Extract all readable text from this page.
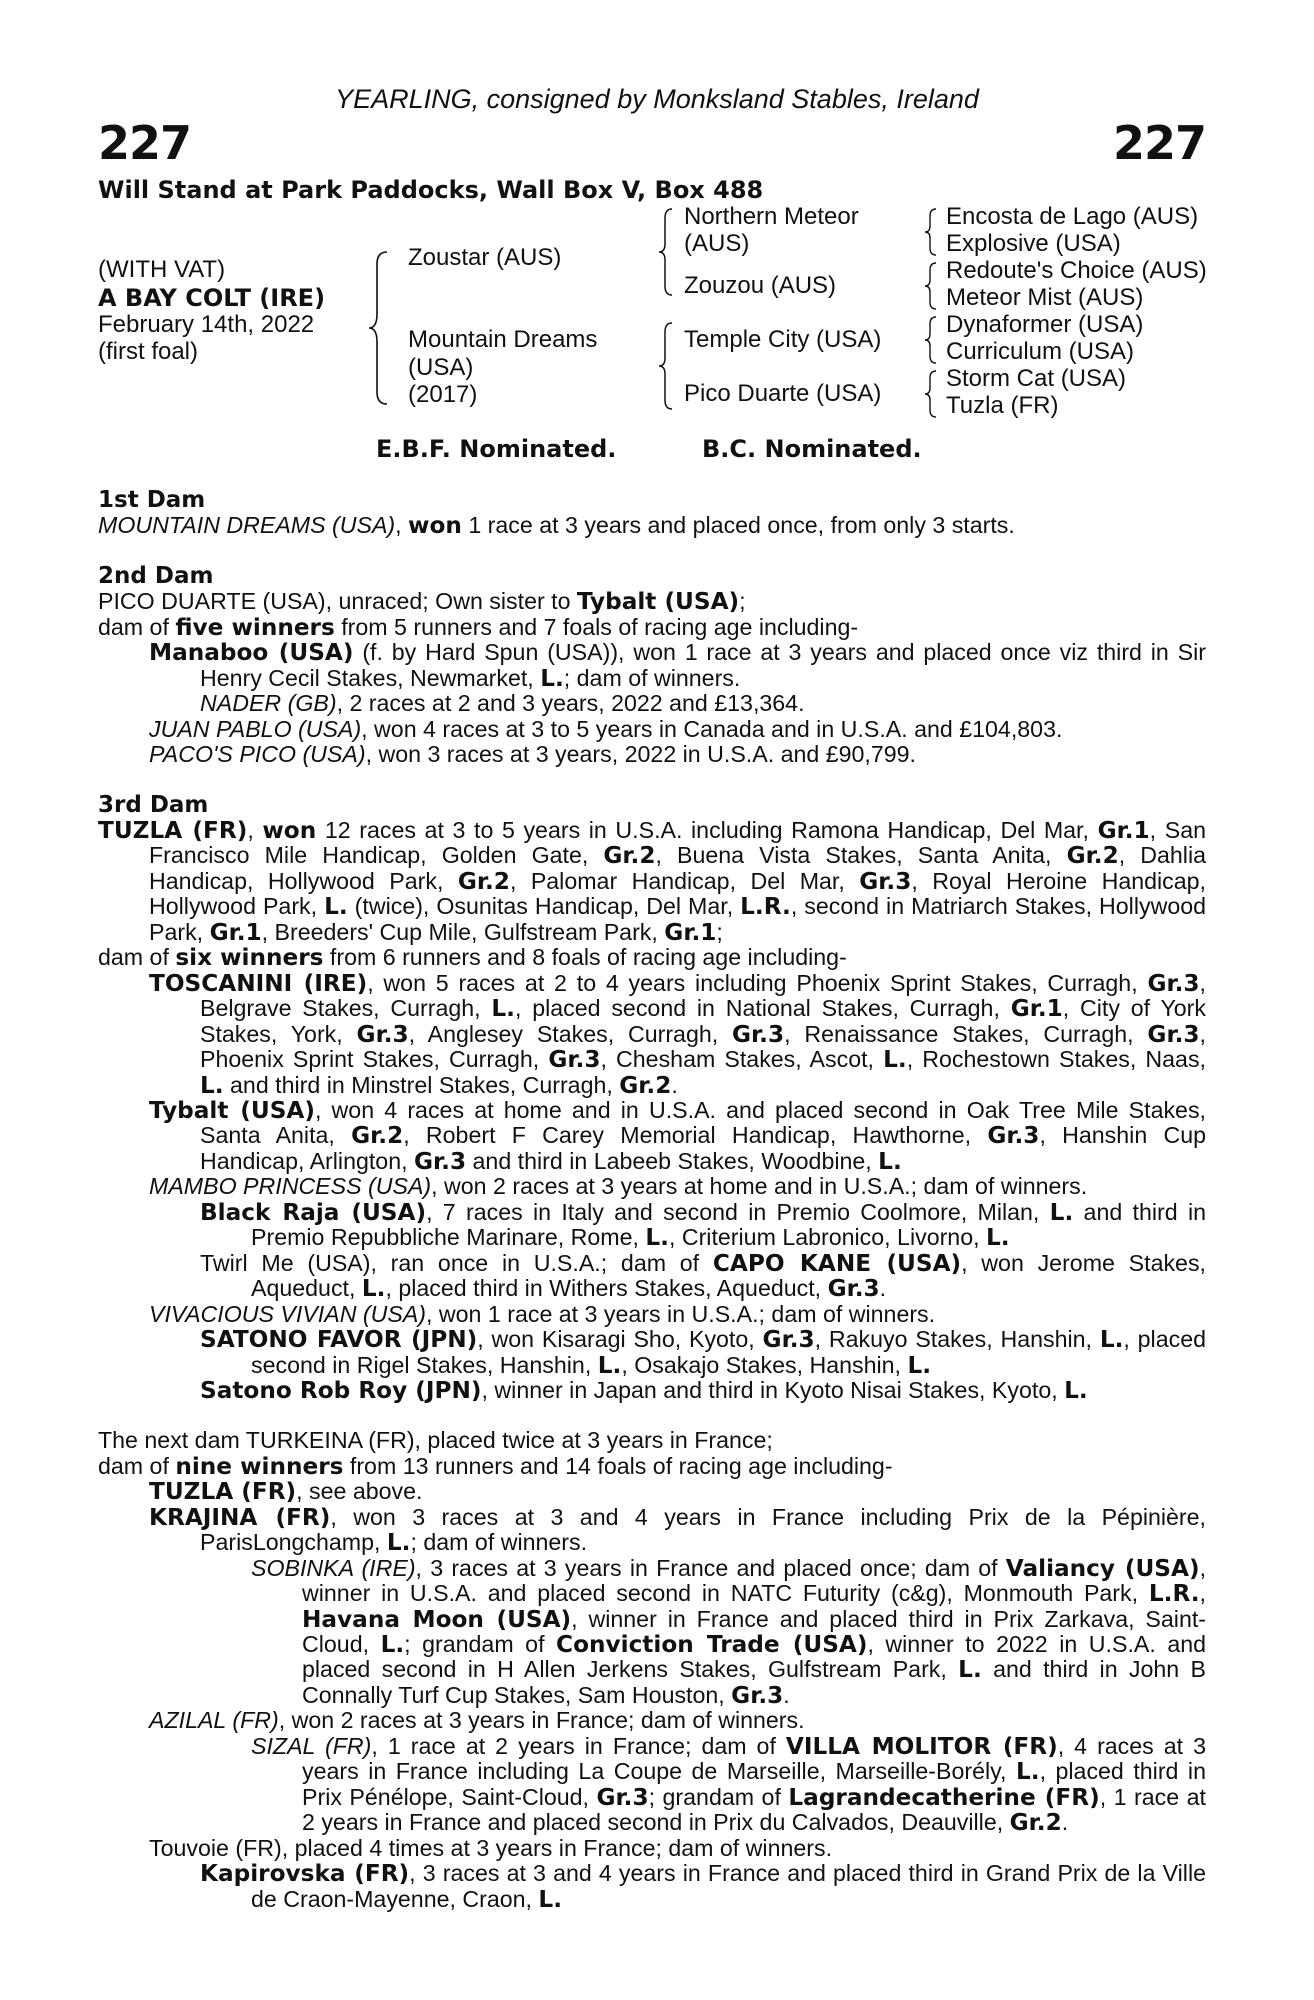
YEARLING, consigned by Monksland Stables, Ireland
227	227
Will Stand at Park Paddocks, Wall Box V, Box 488
(WITH VAT)
A BAY COLT (IRE)
February 14th, 2022
(first foal)
Zoustar (AUS)
Mountain Dreams
(USA)
(2017)
Northern Meteor
(AUS)
Zouzou (AUS)
Temple City (USA)
Pico Duarte (USA)
Encosta de Lago (AUS)
Explosive (USA)
Redoute's Choice (AUS)
Meteor Mist (AUS)
Dynaformer (USA)
Curriculum (USA)
Storm Cat (USA)
Tuzla (FR)
E.B.F. Nominated.	B.C. Nominated.
1st Dam
MOUNTAIN DREAMS (USA), won 1 race at 3 years and placed once, from only 3 starts.
2nd Dam
PICO DUARTE (USA), unraced; Own sister to Tybalt (USA);
dam of five winners from 5 runners and 7 foals of racing age including-
Manaboo (USA) (f. by Hard Spun (USA)), won 1 race at 3 years and placed once viz third in Sir Henry Cecil Stakes, Newmarket, L.; dam of winners.
NADER (GB), 2 races at 2 and 3 years, 2022 and £13,364.
JUAN PABLO (USA), won 4 races at 3 to 5 years in Canada and in U.S.A. and £104,803.
PACO'S PICO (USA), won 3 races at 3 years, 2022 in U.S.A. and £90,799.
3rd Dam
TUZLA (FR), won 12 races at 3 to 5 years in U.S.A. including Ramona Handicap, Del Mar, Gr.1, San Francisco Mile Handicap, Golden Gate, Gr.2, Buena Vista Stakes, Santa Anita, Gr.2, Dahlia Handicap, Hollywood Park, Gr.2, Palomar Handicap, Del Mar, Gr.3, Royal Heroine Handicap, Hollywood Park, L. (twice), Osunitas Handicap, Del Mar, L.R., second in Matriarch Stakes, Hollywood Park, Gr.1, Breeders' Cup Mile, Gulfstream Park, Gr.1;
dam of six winners from 6 runners and 8 foals of racing age including-
TOSCANINI (IRE), won 5 races at 2 to 4 years including Phoenix Sprint Stakes, Curragh, Gr.3, Belgrave Stakes, Curragh, L., placed second in National Stakes, Curragh, Gr.1, City of York Stakes, York, Gr.3, Anglesey Stakes, Curragh, Gr.3, Renaissance Stakes, Curragh, Gr.3, Phoenix Sprint Stakes, Curragh, Gr.3, Chesham Stakes, Ascot, L., Rochestown Stakes, Naas, L. and third in Minstrel Stakes, Curragh, Gr.2.
Tybalt (USA), won 4 races at home and in U.S.A. and placed second in Oak Tree Mile Stakes, Santa Anita, Gr.2, Robert F Carey Memorial Handicap, Hawthorne, Gr.3, Hanshin Cup Handicap, Arlington, Gr.3 and third in Labeeb Stakes, Woodbine, L.
MAMBO PRINCESS (USA), won 2 races at 3 years at home and in U.S.A.; dam of winners.
Black Raja (USA), 7 races in Italy and second in Premio Coolmore, Milan, L. and third in Premio Repubbliche Marinare, Rome, L., Criterium Labronico, Livorno, L.
Twirl Me (USA), ran once in U.S.A.; dam of CAPO KANE (USA), won Jerome Stakes, Aqueduct, L., placed third in Withers Stakes, Aqueduct, Gr.3.
VIVACIOUS VIVIAN (USA), won 1 race at 3 years in U.S.A.; dam of winners.
SATONO FAVOR (JPN), won Kisaragi Sho, Kyoto, Gr.3, Rakuyo Stakes, Hanshin, L., placed second in Rigel Stakes, Hanshin, L., Osakajo Stakes, Hanshin, L.
Satono Rob Roy (JPN), winner in Japan and third in Kyoto Nisai Stakes, Kyoto, L.
The next dam TURKEINA (FR), placed twice at 3 years in France;
dam of nine winners from 13 runners and 14 foals of racing age including-
TUZLA (FR), see above.
KRAJINA (FR), won 3 races at 3 and 4 years in France including Prix de la Pépinière, ParisLongchamp, L.; dam of winners.
SOBINKA (IRE), 3 races at 3 years in France and placed once; dam of Valiancy (USA), winner in U.S.A. and placed second in NATC Futurity (c&g), Monmouth Park, L.R., Havana Moon (USA), winner in France and placed third in Prix Zarkava, Saint-Cloud, L.; grandam of Conviction Trade (USA), winner to 2022 in U.S.A. and placed second in H Allen Jerkens Stakes, Gulfstream Park, L. and third in John B Connally Turf Cup Stakes, Sam Houston, Gr.3.
AZILAL (FR), won 2 races at 3 years in France; dam of winners.
SIZAL (FR), 1 race at 2 years in France; dam of VILLA MOLITOR (FR), 4 races at 3 years in France including La Coupe de Marseille, Marseille-Borély, L., placed third in Prix Pénélope, Saint-Cloud, Gr.3; grandam of Lagrandecatherine (FR), 1 race at 2 years in France and placed second in Prix du Calvados, Deauville, Gr.2.
Touvoie (FR), placed 4 times at 3 years in France; dam of winners.
Kapirovska (FR), 3 races at 3 and 4 years in France and placed third in Grand Prix de la Ville de Craon-Mayenne, Craon, L.
